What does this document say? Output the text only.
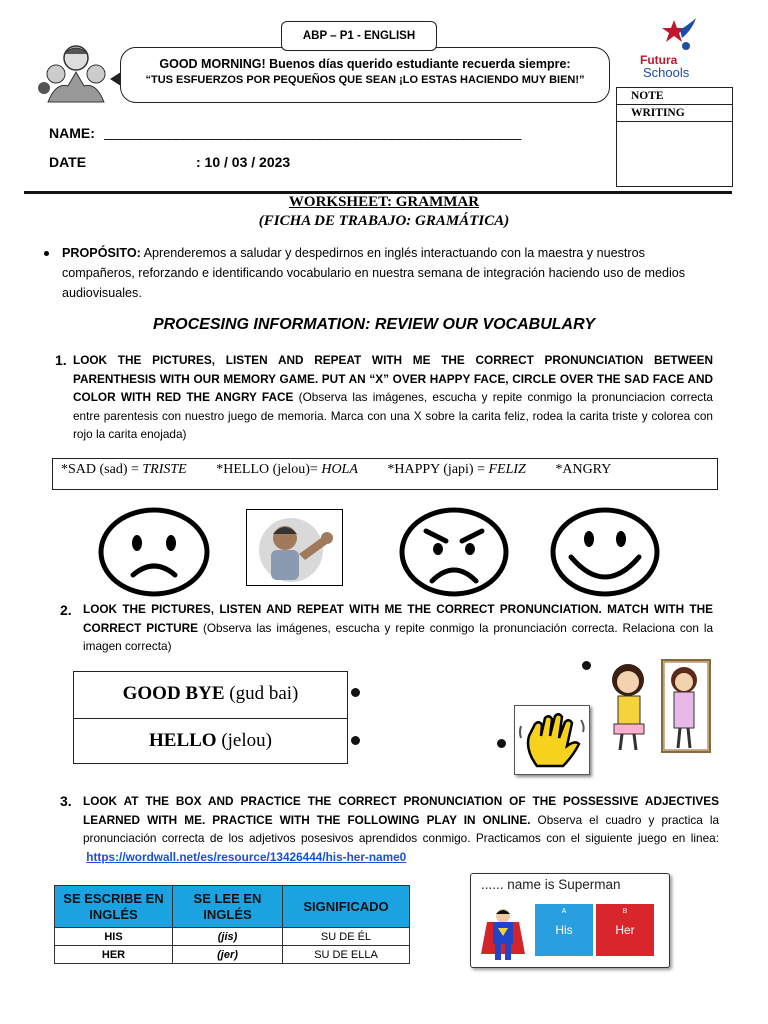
GOOD MORNING! Buenos días querido estudiante recuerda siempre:
“TUS ESFUERZOS POR PEQUEÑOS QUE SEAN ¡LO ESTAS HACIENDO MUY BIEN!”
ABP – P1 - ENGLISH
Futura
Schools
NOTE
WRITING
NAME: __________________________________________________________
DATE	: 10 / 03 / 2023
WORKSHEET: GRAMMAR
(FICHA DE TRABAJO: GRAMÁTICA)
PROPÓSITO: Aprenderemos a saludar y despedirnos en inglés interactuando con la maestra y nuestros compañeros, reforzando e identificando vocabulario en nuestra semana de integración haciendo uso de medios audiovisuales.
PROCESING INFORMATION: REVIEW OUR VOCABULARY
1. LOOK THE PICTURES, LISTEN AND REPEAT WITH ME THE CORRECT PRONUNCIATION BETWEEN PARENTHESIS WITH OUR MEMORY GAME. PUT AN “X” OVER HAPPY FACE, CIRCLE OVER THE SAD FACE AND COLOR WITH RED THE ANGRY FACE (Observa las imágenes, escucha y repite conmigo la pronunciacion correcta entre parentesis con nuestro juego de memoria. Marca con una X sobre la carita feliz, rodea la carita triste y colorea con rojo la carita enojada)
*SAD (sad) = TRISTE *HELLO (jelou)= HOLA *HAPPY (japi) = FELIZ *ANGRY
2. LOOK THE PICTURES, LISTEN AND REPEAT WITH ME THE CORRECT PRONUNCIATION. MATCH WITH THE CORRECT PICTURE (Observa las imágenes, escucha y repite conmigo la pronunciación correcta. Relaciona con la imagen correcta)
GOOD BYE (gud bai)
HELLO (jelou)
3. LOOK AT THE BOX AND PRACTICE THE CORRECT PRONUNCIATION OF THE POSSESSIVE ADJECTIVES LEARNED WITH ME. PRACTICE WITH THE FOLLOWING PLAY IN ONLINE. Observa el cuadro y practica la pronunciación correcta de los adjetivos posesivos aprendidos conmigo. Practicamos con el siguiente juego en linea:  https://wordwall.net/es/resource/13426444/his-her-name0
SE ESCRIBE EN INGLÉS	SE LEE EN INGLÉS	SIGNIFICADO
HIS	(jis)	SU DE ÉL
HER	(jer)	SU DE ELLA
...... name is Superman
A
His
B
Her
